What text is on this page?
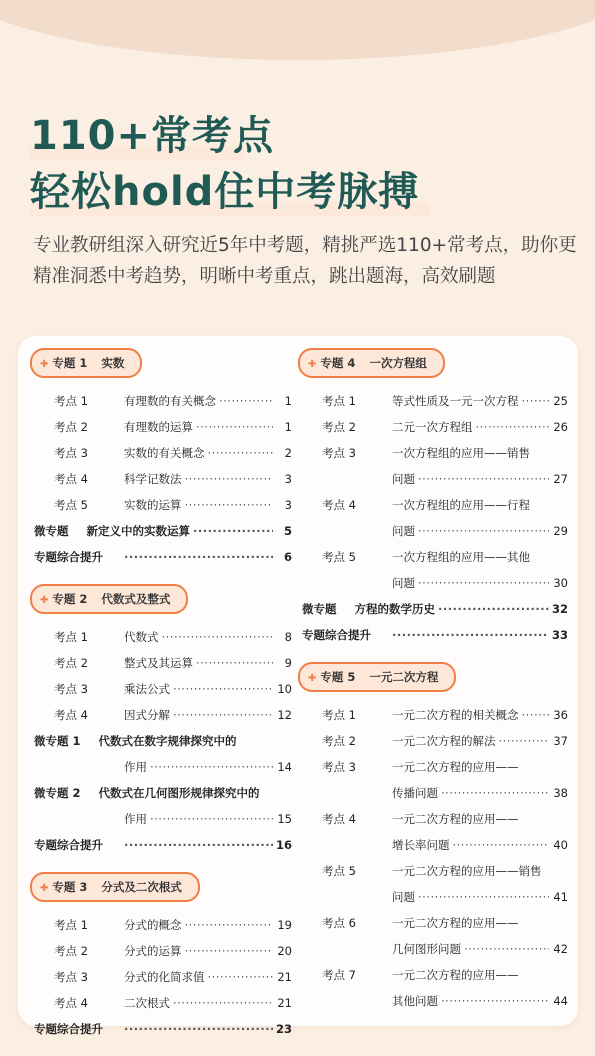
110+常考点
轻松hold住中考脉搏
专业教研组深入研究近5年中考题，精挑严选110+常考点，助你更精准洞悉中考趋势，明晰中考重点，跳出题海，高效刷题
✚ 专题 1 实数
考点 1	有理数的有关概念 ·····	1
考点 2	有理数的运算 ·····	1
考点 3	实数的有关概念 ·····	2
考点 4	科学记数法 ·····	3
考点 5	实数的运算 ·····	3
微专题 新定义中的实数运算 ·····	5
专题综合提升 ·····	6
✚ 专题 2 代数式及整式
考点 1	代数式 ·····	8
考点 2	整式及其运算 ·····	9
考点 3	乘法公式 ·····	10
考点 4	因式分解 ·····	12
微专题 1 代数式在数字规律探究中的
作用 ·····	14
微专题 2 代数式在几何图形规律探究中的
作用 ·····	15
专题综合提升 ·····	16
✚ 专题 3 分式及二次根式
考点 1	分式的概念 ·····	19
考点 2	分式的运算 ·····	20
考点 3	分式的化简求值 ·····	21
考点 4	二次根式 ·····	21
专题综合提升 ·····	23
✚ 专题 4 一次方程组
考点 1	等式性质及一元一次方程 ·····	25
考点 2	二元一次方程组 ·····	26
考点 3	一次方程组的应用——销售
问题 ·····	27
考点 4	一次方程组的应用——行程
问题 ·····	29
考点 5	一次方程组的应用——其他
问题 ·····	30
微专题 方程的数学历史 ·····	32
专题综合提升 ·····	33
✚ 专题 5 一元二次方程
考点 1	一元二次方程的相关概念 ·····	36
考点 2	一元二次方程的解法 ·····	37
考点 3	一元二次方程的应用——
传播问题 ·····	38
考点 4	一元二次方程的应用——
增长率问题 ·····	40
考点 5	一元二次方程的应用——销售
问题 ·····	41
考点 6	一元二次方程的应用——
几何图形问题 ·····	42
考点 7	一元二次方程的应用——
其他问题 ·····	44
